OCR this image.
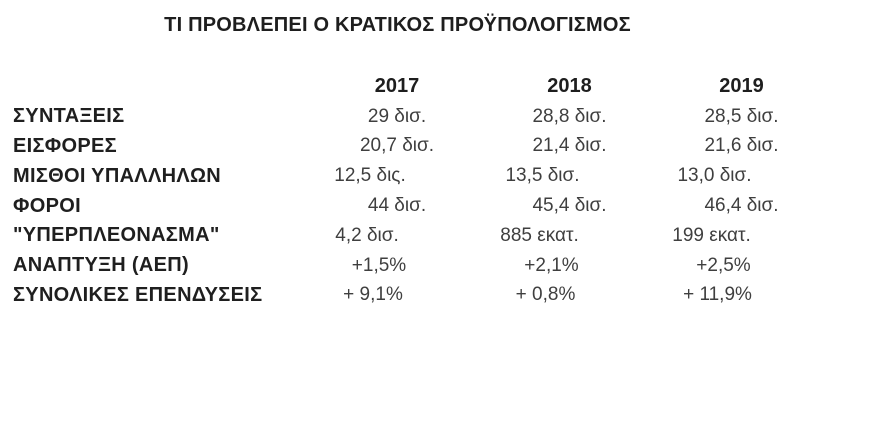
ΤΙ ΠΡΟΒΛΕΠΕΙ Ο ΚΡΑΤΙΚΟΣ ΠΡΟΫΠΟΛΟΓΙΣΜΟΣ
2017	2018	2019
ΣΥΝΤΑΞΕΙΣ	29 δισ.	28,8 δισ.	28,5 δισ.
ΕΙΣΦΟΡΕΣ	20,7 δισ.	21,4 δισ.	21,6 δισ.
ΜΙΣΘΟΙ ΥΠΑΛΛΗΛΩΝ	12,5 δις.	13,5 δισ.	13,0 δισ.
ΦΟΡΟΙ	44 δισ.	45,4 δισ.	46,4 δισ.
"ΥΠΕΡΠΛΕΟΝΑΣΜΑ"	4,2 δισ.	885 εκατ.	199 εκατ.
ΑΝΑΠΤΥΞΗ (ΑΕΠ)	+1,5%	+2,1%	+2,5%
ΣΥΝΟΛΙΚΕΣ ΕΠΕΝΔΥΣΕΙΣ	+ 9,1%	+ 0,8%	+ 11,9%
